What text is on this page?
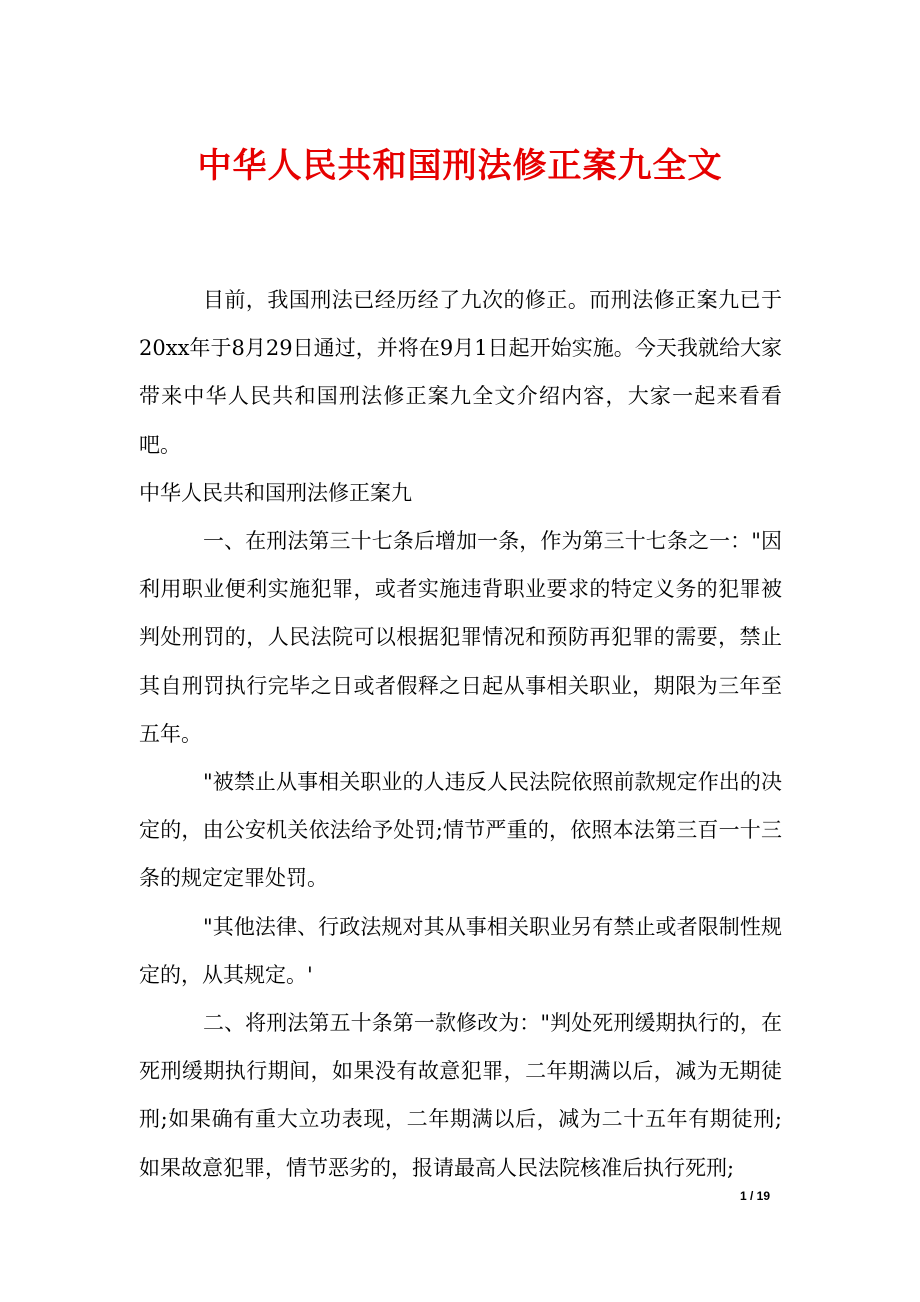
中华人民共和国刑法修正案九全文

目前，我国刑法已经历经了九次的修正。而刑法修正案九已于20xx年于8月29日通过，并将在9月1日起开始实施。今天我就给大家带来中华人民共和国刑法修正案九全文介绍内容，大家一起来看看吧。

中华人民共和国刑法修正案九

一、在刑法第三十七条后增加一条，作为第三十七条之一："因利用职业便利实施犯罪，或者实施违背职业要求的特定义务的犯罪被判处刑罚的，人民法院可以根据犯罪情况和预防再犯罪的需要，禁止其自刑罚执行完毕之日或者假释之日起从事相关职业，期限为三年至五年。

"被禁止从事相关职业的人违反人民法院依照前款规定作出的决定的，由公安机关依法给予处罚;情节严重的，依照本法第三百一十三条的规定定罪处罚。

"其他法律、行政法规对其从事相关职业另有禁止或者限制性规定的，从其规定。'

二、将刑法第五十条第一款修改为："判处死刑缓期执行的，在死刑缓期执行期间，如果没有故意犯罪，二年期满以后，减为无期徒刑;如果确有重大立功表现，二年期满以后，减为二十五年有期徒刑;如果故意犯罪，情节恶劣的，报请最高人民法院核准后执行死刑;

1 / 19
